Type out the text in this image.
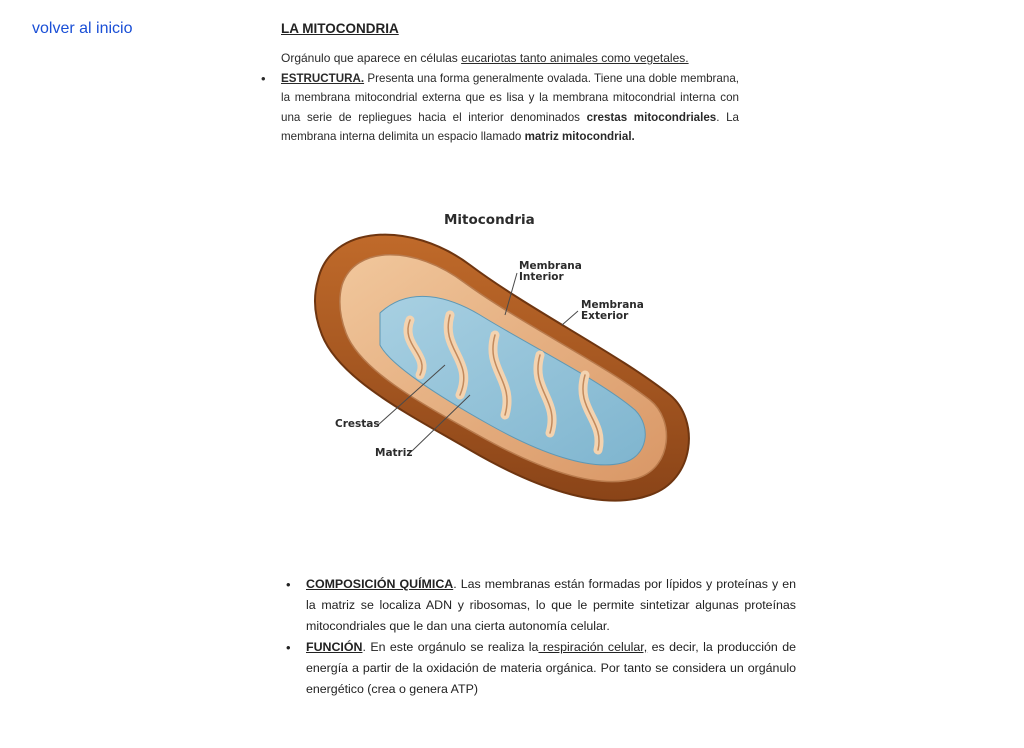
volver al inicio	LA MITOCONDRIA

Orgánulo que aparece en células eucariotas tanto animales como vegetales.

• ESTRUCTURA. Presenta una forma generalmente ovalada. Tiene una doble membrana, la membrana mitocondrial externa que es lisa y la membrana mitocondrial interna con una serie de repliegues hacia el interior denominados crestas mitocondriales. La membrana interna delimita un espacio llamado matriz mitocondrial.
Mitocondria
Membrana
Interior
Membrana
Exterior
Crestas
Matriz
• COMPOSICIÓN QUÍMICA. Las membranas están formadas por lípidos y proteínas y en la matriz se localiza ADN y ribosomas, lo que le permite sintetizar algunas proteínas mitocondriales que le dan una cierta autonomía celular.
• FUNCIÓN. En este orgánulo se realiza la respiración celular, es decir, la producción de energía a partir de la oxidación de materia orgánica. Por tanto se considera un orgánulo energético (crea o genera ATP)
